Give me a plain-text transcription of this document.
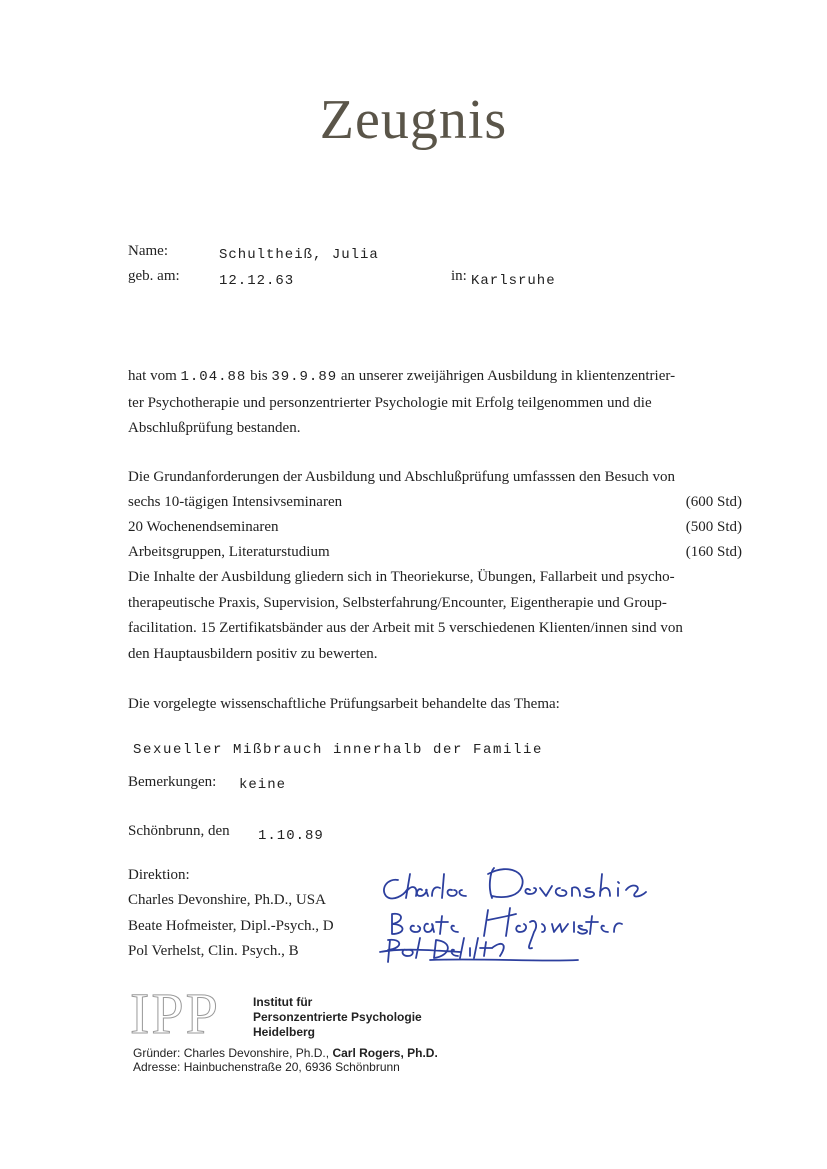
Zeugnis
Name:	Schultheiß, Julia
geb. am:	12.12.63	in: Karlsruhe
hat vom 1.04.88 bis 39.9.89 an unserer zweijährigen Ausbildung in klientenzentrier-
ter Psychotherapie und personzentrierter Psychologie mit Erfolg teilgenommen und die
Abschlußprüfung bestanden.
Die Grundanforderungen der Ausbildung und Abschlußprüfung umfasssen den Besuch von
sechs 10-tägigen Intensivseminaren	(600 Std)
20 Wochenendseminaren	(500 Std)
Arbeitsgruppen, Literaturstudium	(160 Std)
Die Inhalte der Ausbildung gliedern sich in Theoriekurse, Übungen, Fallarbeit und psycho-
therapeutische Praxis, Supervision, Selbsterfahrung/Encounter, Eigentherapie und Group-
facilitation. 15 Zertifikatsbänder aus der Arbeit mit 5 verschiedenen Klienten/innen sind von
den Hauptausbildern positiv zu bewerten.
Die vorgelegte wissenschaftliche Prüfungsarbeit behandelte das Thema:
Sexueller Mißbrauch innerhalb der Familie
Bemerkungen: keine
Schönbrunn, den 1.10.89
Direktion:
Charles Devonshire, Ph.D., USA
Beate Hofmeister, Dipl.-Psych., D
Pol Verhelst, Clin. Psych., B
IPP	Institut für
Personzentrierte Psychologie
Heidelberg
Gründer: Charles Devonshire, Ph.D., Carl Rogers, Ph.D.
Adresse: Hainbuchenstraße 20, 6936 Schönbrunn
